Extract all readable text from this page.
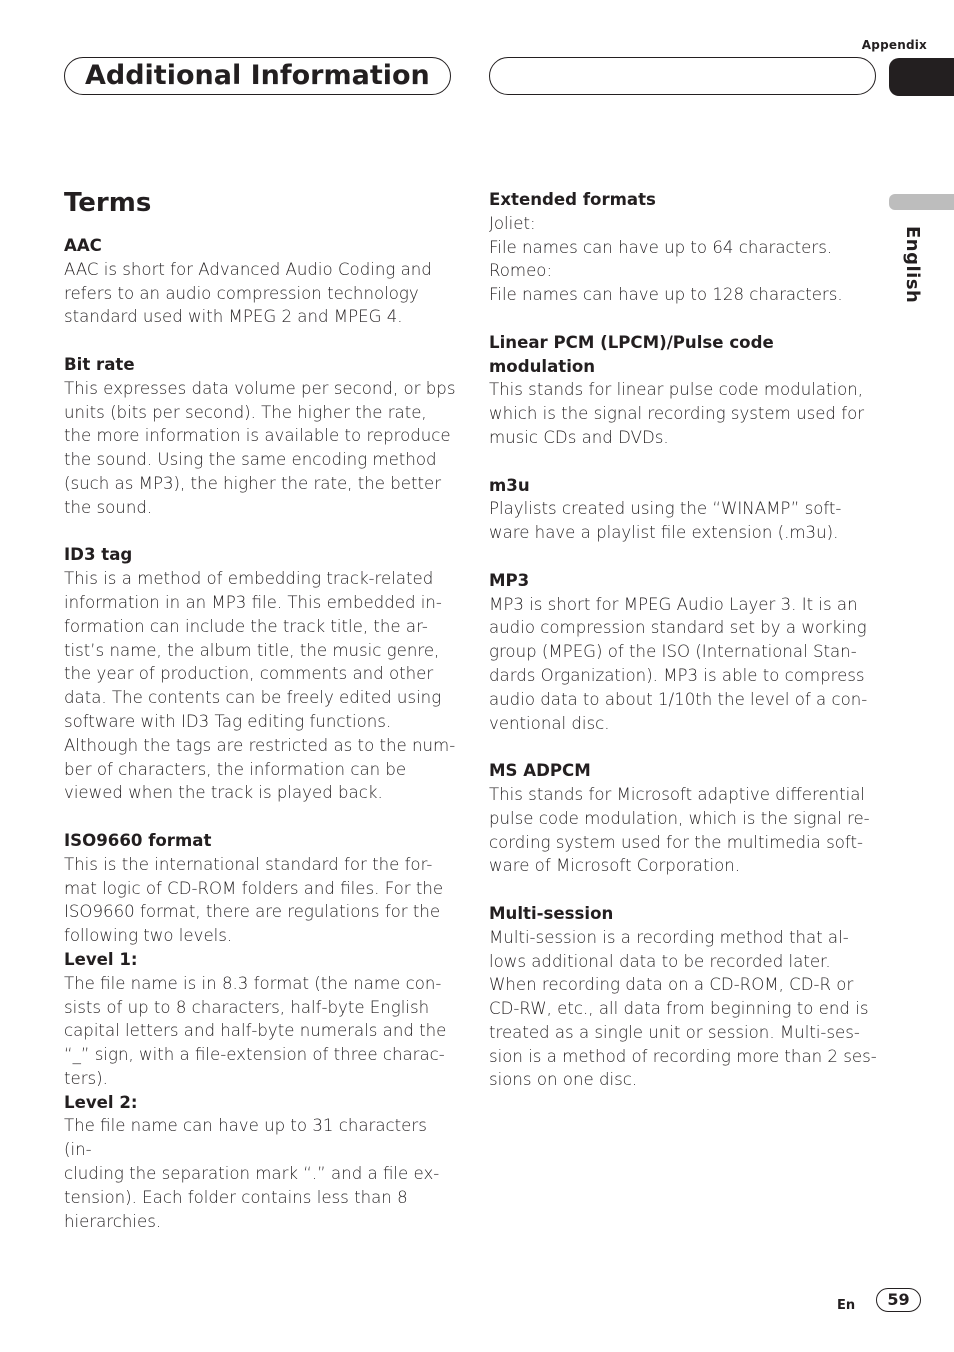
Appendix
Additional Information
English
Terms
AAC
AAC is short for Advanced Audio Coding and
refers to an audio compression technology
standard used with MPEG 2 and MPEG 4.
Bit rate
This expresses data volume per second, or bps
units (bits per second). The higher the rate,
the more information is available to reproduce
the sound. Using the same encoding method
(such as MP3), the higher the rate, the better
the sound.
ID3 tag
This is a method of embedding track-related
information in an MP3 file. This embedded in-
formation can include the track title, the ar-
tist’s name, the album title, the music genre,
the year of production, comments and other
data. The contents can be freely edited using
software with ID3 Tag editing functions.
Although the tags are restricted as to the num-
ber of characters, the information can be
viewed when the track is played back.
ISO9660 format
This is the international standard for the for-
mat logic of CD-ROM folders and files. For the
ISO9660 format, there are regulations for the
following two levels.
Level 1:
The file name is in 8.3 format (the name con-
sists of up to 8 characters, half-byte English
capital letters and half-byte numerals and the
“_” sign, with a file-extension of three charac-
ters).
Level 2:
The file name can have up to 31 characters (in-
cluding the separation mark “.” and a file ex-
tension). Each folder contains less than 8
hierarchies.
Extended formats
Joliet:
File names can have up to 64 characters.
Romeo:
File names can have up to 128 characters.
Linear PCM (LPCM)/Pulse code
modulation
This stands for linear pulse code modulation,
which is the signal recording system used for
music CDs and DVDs.
m3u
Playlists created using the “WINAMP” soft-
ware have a playlist file extension (.m3u).
MP3
MP3 is short for MPEG Audio Layer 3. It is an
audio compression standard set by a working
group (MPEG) of the ISO (International Stan-
dards Organization). MP3 is able to compress
audio data to about 1/10th the level of a con-
ventional disc.
MS ADPCM
This stands for Microsoft adaptive differential
pulse code modulation, which is the signal re-
cording system used for the multimedia soft-
ware of Microsoft Corporation.
Multi-session
Multi-session is a recording method that al-
lows additional data to be recorded later.
When recording data on a CD-ROM, CD-R or
CD-RW, etc., all data from beginning to end is
treated as a single unit or session. Multi-ses-
sion is a method of recording more than 2 ses-
sions on one disc.
En	59
